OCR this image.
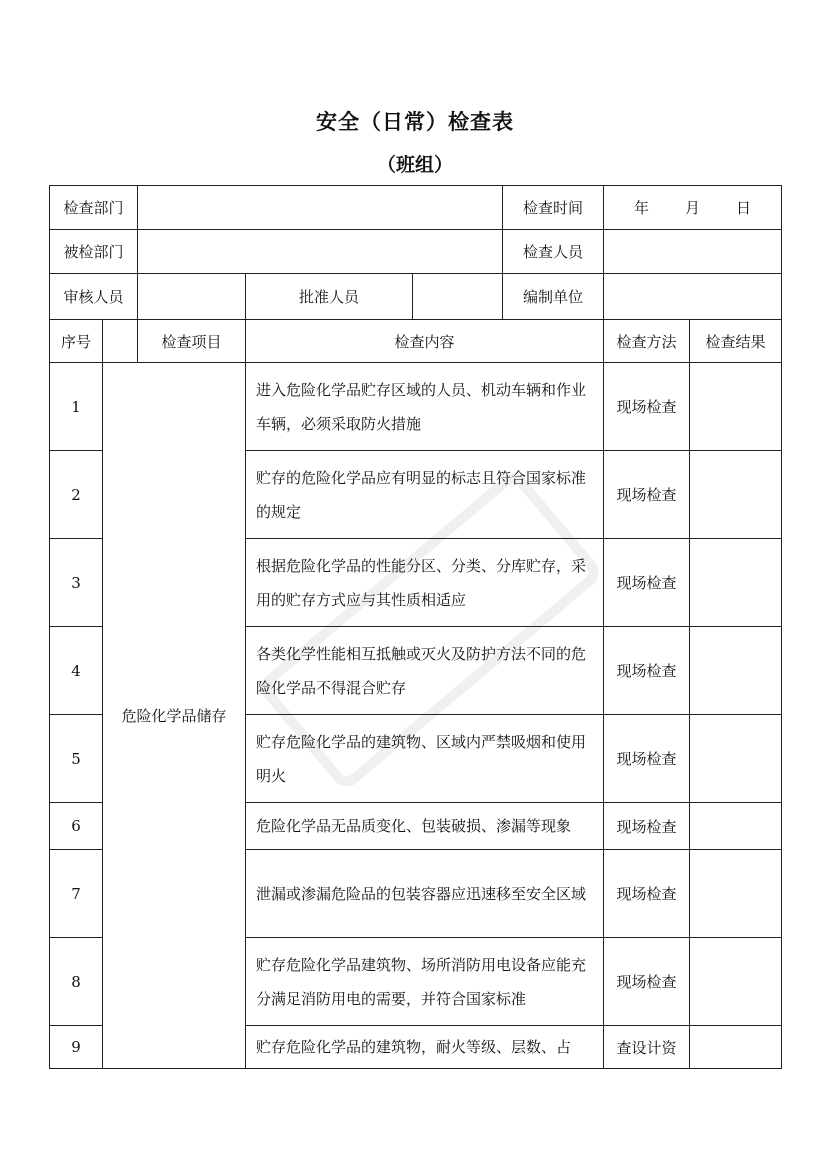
安全（日常）检查表
（班组）
检查部门					检查时间	年 月 日	
被检部门					检查人员		
审核人员			批准人员		编制单位		
序号		检查项目	检查内容			检查方法	检查结果
1	危险化学品储存		进入危险化学品贮存区域的人员、机动车辆和作业车辆，必须采取防火措施			现场检查	
2			贮存的危险化学品应有明显的标志且符合国家标准的规定			现场检查	
3			根据危险化学品的性能分区、分类、分库贮存，采用的贮存方式应与其性质相适应			现场检查	
4			各类化学性能相互抵触或灭火及防护方法不同的危险化学品不得混合贮存			现场检查	
5			贮存危险化学品的建筑物、区域内严禁吸烟和使用明火			现场检查	
6			危险化学品无品质变化、包装破损、渗漏等现象			现场检查	
7			泄漏或渗漏危险品的包装容器应迅速移至安全区域			现场检查	
8			贮存危险化学品建筑物、场所消防用电设备应能充分满足消防用电的需要，并符合国家标准			现场检查	
9			贮存危险化学品的建筑物，耐火等级、层数、占			查设计资	
